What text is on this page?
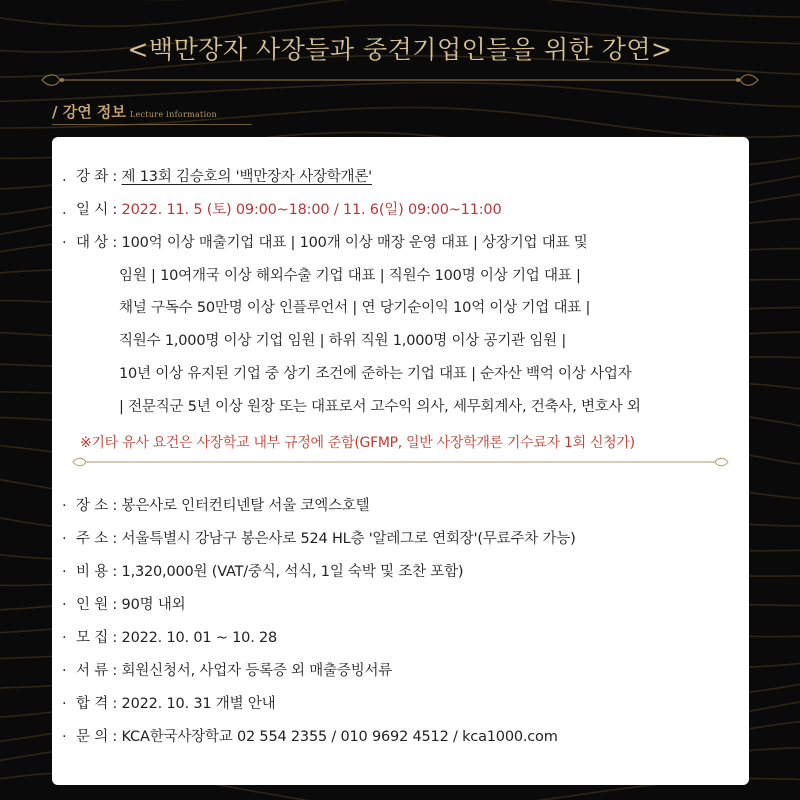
<백만장자 사장들과 중견기업인들을 위한 강연>
/ 강연 정보 Lecture information
. 강 좌 : 제 13회 김승호의 '백만장자 사장학개론'
. 일 시 : 2022. 11. 5 (토) 09:00~18:00 / 11. 6(일) 09:00~11:00
· 대 상 : 100억 이상 매출기업 대표 | 100개 이상 매장 운영 대표 | 상장기업 대표 및
임원 | 10여개국 이상 해외수출 기업 대표 | 직원수 100명 이상 기업 대표 |
채널 구독수 50만명 이상 인플루언서 | 연 당기순이익 10억 이상 기업 대표 |
직원수 1,000명 이상 기업 임원 | 하위 직원 1,000명 이상 공기관 임원 |
10년 이상 유지된 기업 중 상기 조건에 준하는 기업 대표 | 순자산 백억 이상 사업자
| 전문직군 5년 이상 원장 또는 대표로서 고수익 의사, 세무회계사, 건축사, 변호사 외
※기타 유사 요건은 사장학교 내부 규정에 준함(GFMP, 일반 사장학개론 기수료자 1회 신청가)
· 장 소 : 봉은사로 인터컨티넨탈 서울 코엑스호텔
· 주 소 : 서울특별시 강남구 봉은사로 524 HL층 '알레그로 연회장'(무료주차 가능)
· 비 용 : 1,320,000원 (VAT/중식, 석식, 1일 숙박 및 조찬 포함)
· 인 원 : 90명 내외
· 모 집 : 2022. 10. 01 ~ 10. 28
· 서 류 : 회원신청서, 사업자 등록증 외 매출증빙서류
· 합 격 : 2022. 10. 31 개별 안내
· 문 의 : KCA한국사장학교 02 554 2355 / 010 9692 4512 / kca1000.com
